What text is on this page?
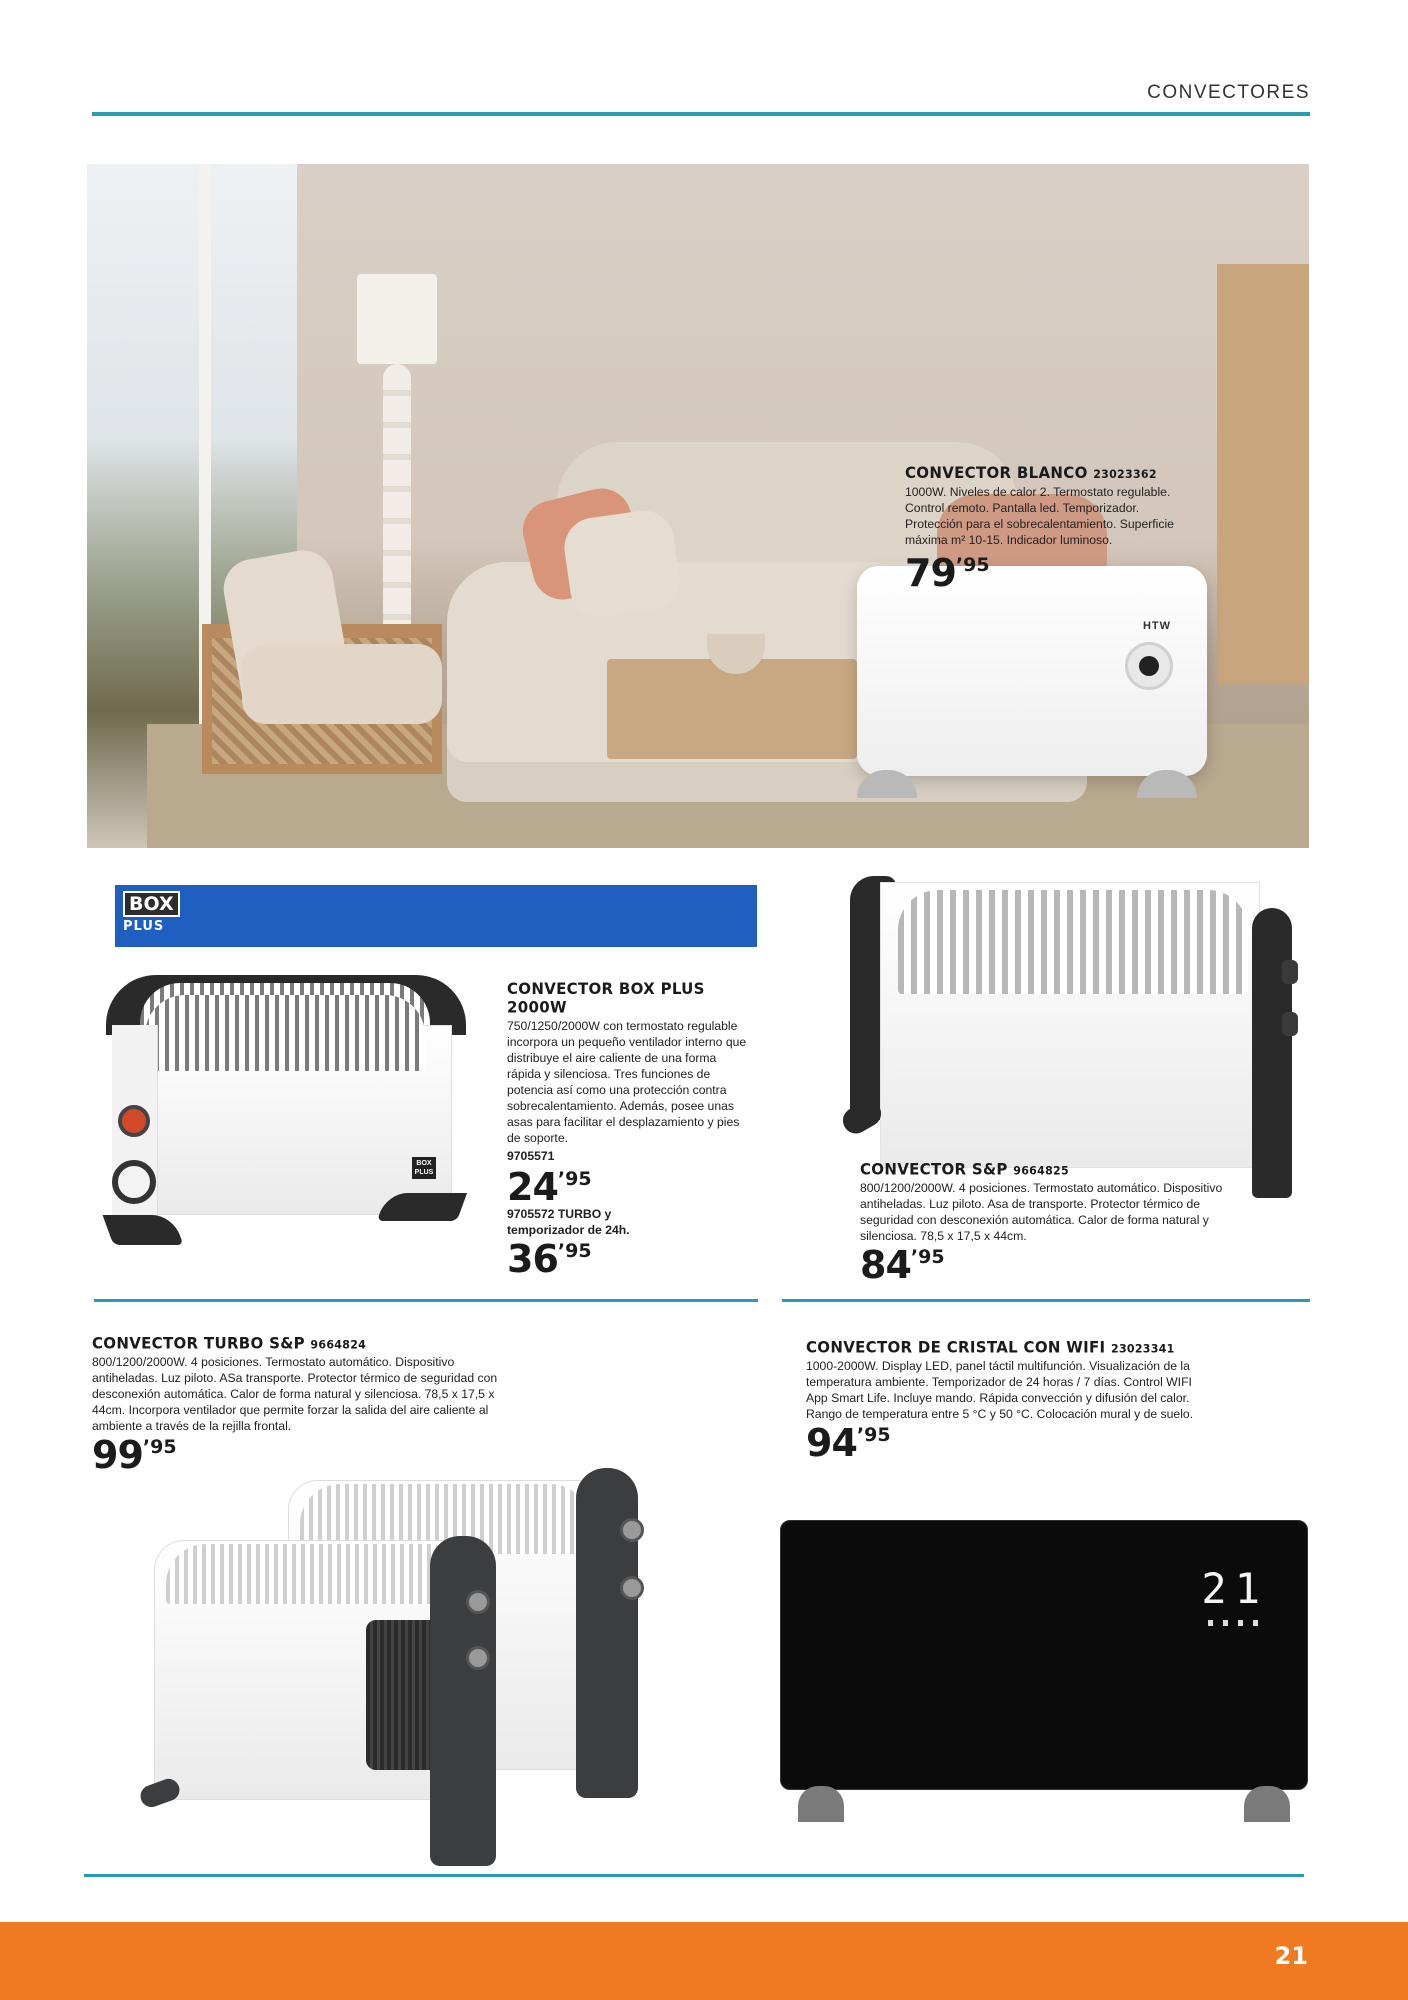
CONVECTORES
HTW
CONVECTOR BLANCO 23023362
1000W. Niveles de calor 2. Termostato regulable. Control remoto. Pantalla led. Temporizador. Protección para el sobrecalentamiento. Superficie máxima m² 10-15. Indicador luminoso.
79’95
BOX
PLUS
BOX PLUS
CONVECTOR BOX PLUS 2000W
750/1250/2000W con termostato regulable incorpora un pequeño ventilador interno que distribuye el aire caliente de una forma rápida y silenciosa. Tres funciones de potencia así como una protección contra sobrecalentamiento. Además, posee unas asas para facilitar el desplazamiento y pies de soporte.
9705571
24’95
9705572 TURBO y temporizador de 24h.
36’95
CONVECTOR S&P 9664825
800/1200/2000W. 4 posiciones. Termostato automático. Dispositivo antiheladas. Luz piloto. Asa de transporte. Protector térmico de seguridad con desconexión automática. Calor de forma natural y silenciosa. 78,5 x 17,5 x 44cm.
84’95
CONVECTOR TURBO S&P 9664824
800/1200/2000W. 4 posiciones. Termostato automático. Dispositivo antiheladas. Luz piloto. ASa transporte. Protector térmico de seguridad con desconexión automática. Calor de forma natural y silenciosa. 78,5 x 17,5 x 44cm. Incorpora ventilador que permite forzar la salida del aire caliente al ambiente a través de la rejilla frontal.
99’95
CONVECTOR DE CRISTAL CON WIFI 23023341
1000-2000W. Display LED, panel táctil multifunción. Visualización de la temperatura ambiente. Temporizador de 24 horas / 7 días. Control WIFI App Smart Life. Incluye mando. Rápida convección y difusión del calor. Rango de temperatura entre 5 °C y 50 °C. Colocación mural y de suelo.
94’95
21
21
